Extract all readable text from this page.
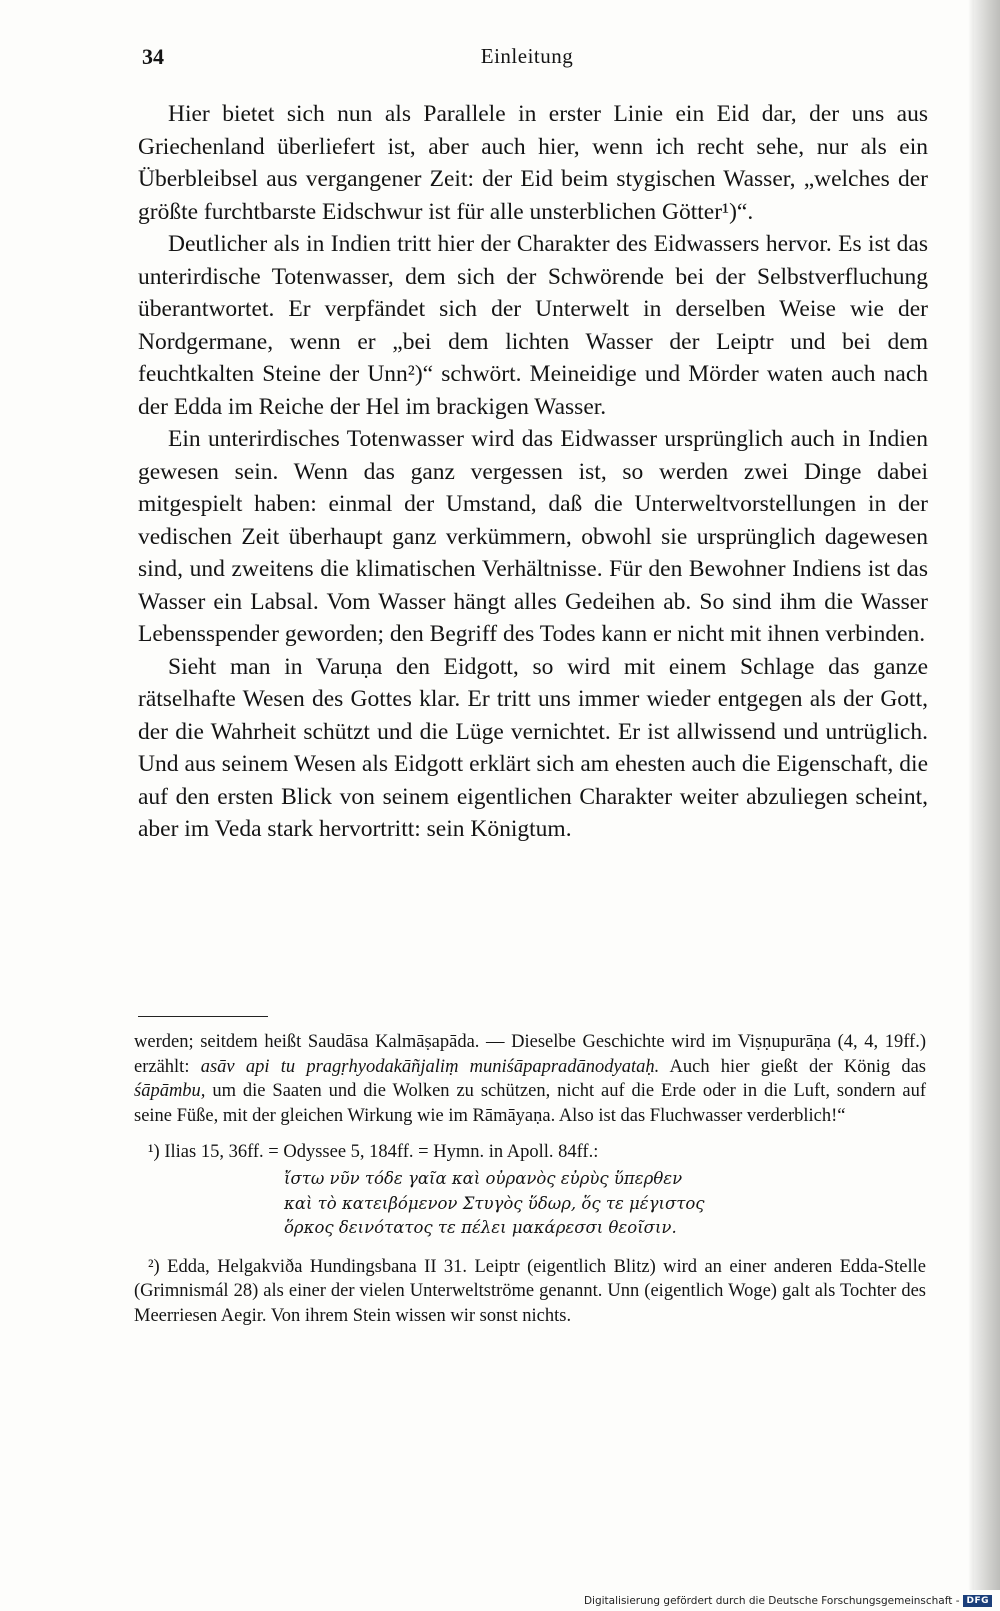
34	Einleitung

Hier bietet sich nun als Parallele in erster Linie ein Eid dar, der uns aus Griechenland überliefert ist, aber auch hier, wenn ich recht sehe, nur als ein Überbleibsel aus vergangener Zeit: der Eid beim stygischen Wasser, „welches der größte furchtbarste Eidschwur ist für alle unsterblichen Götter¹)“.

Deutlicher als in Indien tritt hier der Charakter des Eidwassers hervor. Es ist das unterirdische Totenwasser, dem sich der Schwörende bei der Selbstverfluchung überantwortet. Er verpfändet sich der Unterwelt in derselben Weise wie der Nordgermane, wenn er „bei dem lichten Wasser der Leiptr und bei dem feuchtkalten Steine der Unn²)“ schwört. Meineidige und Mörder waten auch nach der Edda im Reiche der Hel im brackigen Wasser.

Ein unterirdisches Totenwasser wird das Eidwasser ursprünglich auch in Indien gewesen sein. Wenn das ganz vergessen ist, so werden zwei Dinge dabei mitgespielt haben: einmal der Umstand, daß die Unterweltvorstellungen in der vedischen Zeit überhaupt ganz verkümmern, obwohl sie ursprünglich dagewesen sind, und zweitens die klimatischen Verhältnisse. Für den Bewohner Indiens ist das Wasser ein Labsal. Vom Wasser hängt alles Gedeihen ab. So sind ihm die Wasser Lebensspender geworden; den Begriff des Todes kann er nicht mit ihnen verbinden.

Sieht man in Varuṇa den Eidgott, so wird mit einem Schlage das ganze rätselhafte Wesen des Gottes klar. Er tritt uns immer wieder entgegen als der Gott, der die Wahrheit schützt und die Lüge vernichtet. Er ist allwissend und untrüglich. Und aus seinem Wesen als Eidgott erklärt sich am ehesten auch die Eigenschaft, die auf den ersten Blick von seinem eigentlichen Charakter weiter abzuliegen scheint, aber im Veda stark hervortritt: sein Königtum.

werden; seitdem heißt Saudāsa Kalmāṣapāda. — Dieselbe Geschichte wird im Viṣṇupurāṇa (4, 4, 19ff.) erzählt: asāv api tu pragṛhyodakāñjaliṃ muniśāpapradānodyataḥ. Auch hier gießt der König das śāpāmbu, um die Saaten und die Wolken zu schützen, nicht auf die Erde oder in die Luft, sondern auf seine Füße, mit der gleichen Wirkung wie im Rāmāyaṇa. Also ist das Fluchwasser verderblich!“

¹) Ilias 15, 36ff. = Odyssee 5, 184ff. = Hymn. in Apoll. 84ff.:

ἴστω νῦν τόδε γαῖα καὶ οὐρανὸς εὐρὺς ὕπερθεν
καὶ τὸ κατειβόμενον Στυγὸς ὕδωρ, ὅς τε μέγιστος
ὅρκος δεινότατος τε πέλει μακάρεσσι θεοῖσιν.

²) Edda, Helgakviða Hundingsbana II 31. Leiptr (eigentlich Blitz) wird an einer anderen Edda-Stelle (Grimnismál 28) als einer der vielen Unterweltströme genannt. Unn (eigentlich Woge) galt als Tochter des Meerriesen Aegir. Von ihrem Stein wissen wir sonst nichts.

Digitalisierung gefördert durch die Deutsche Forschungsgemeinschaft - DFG
